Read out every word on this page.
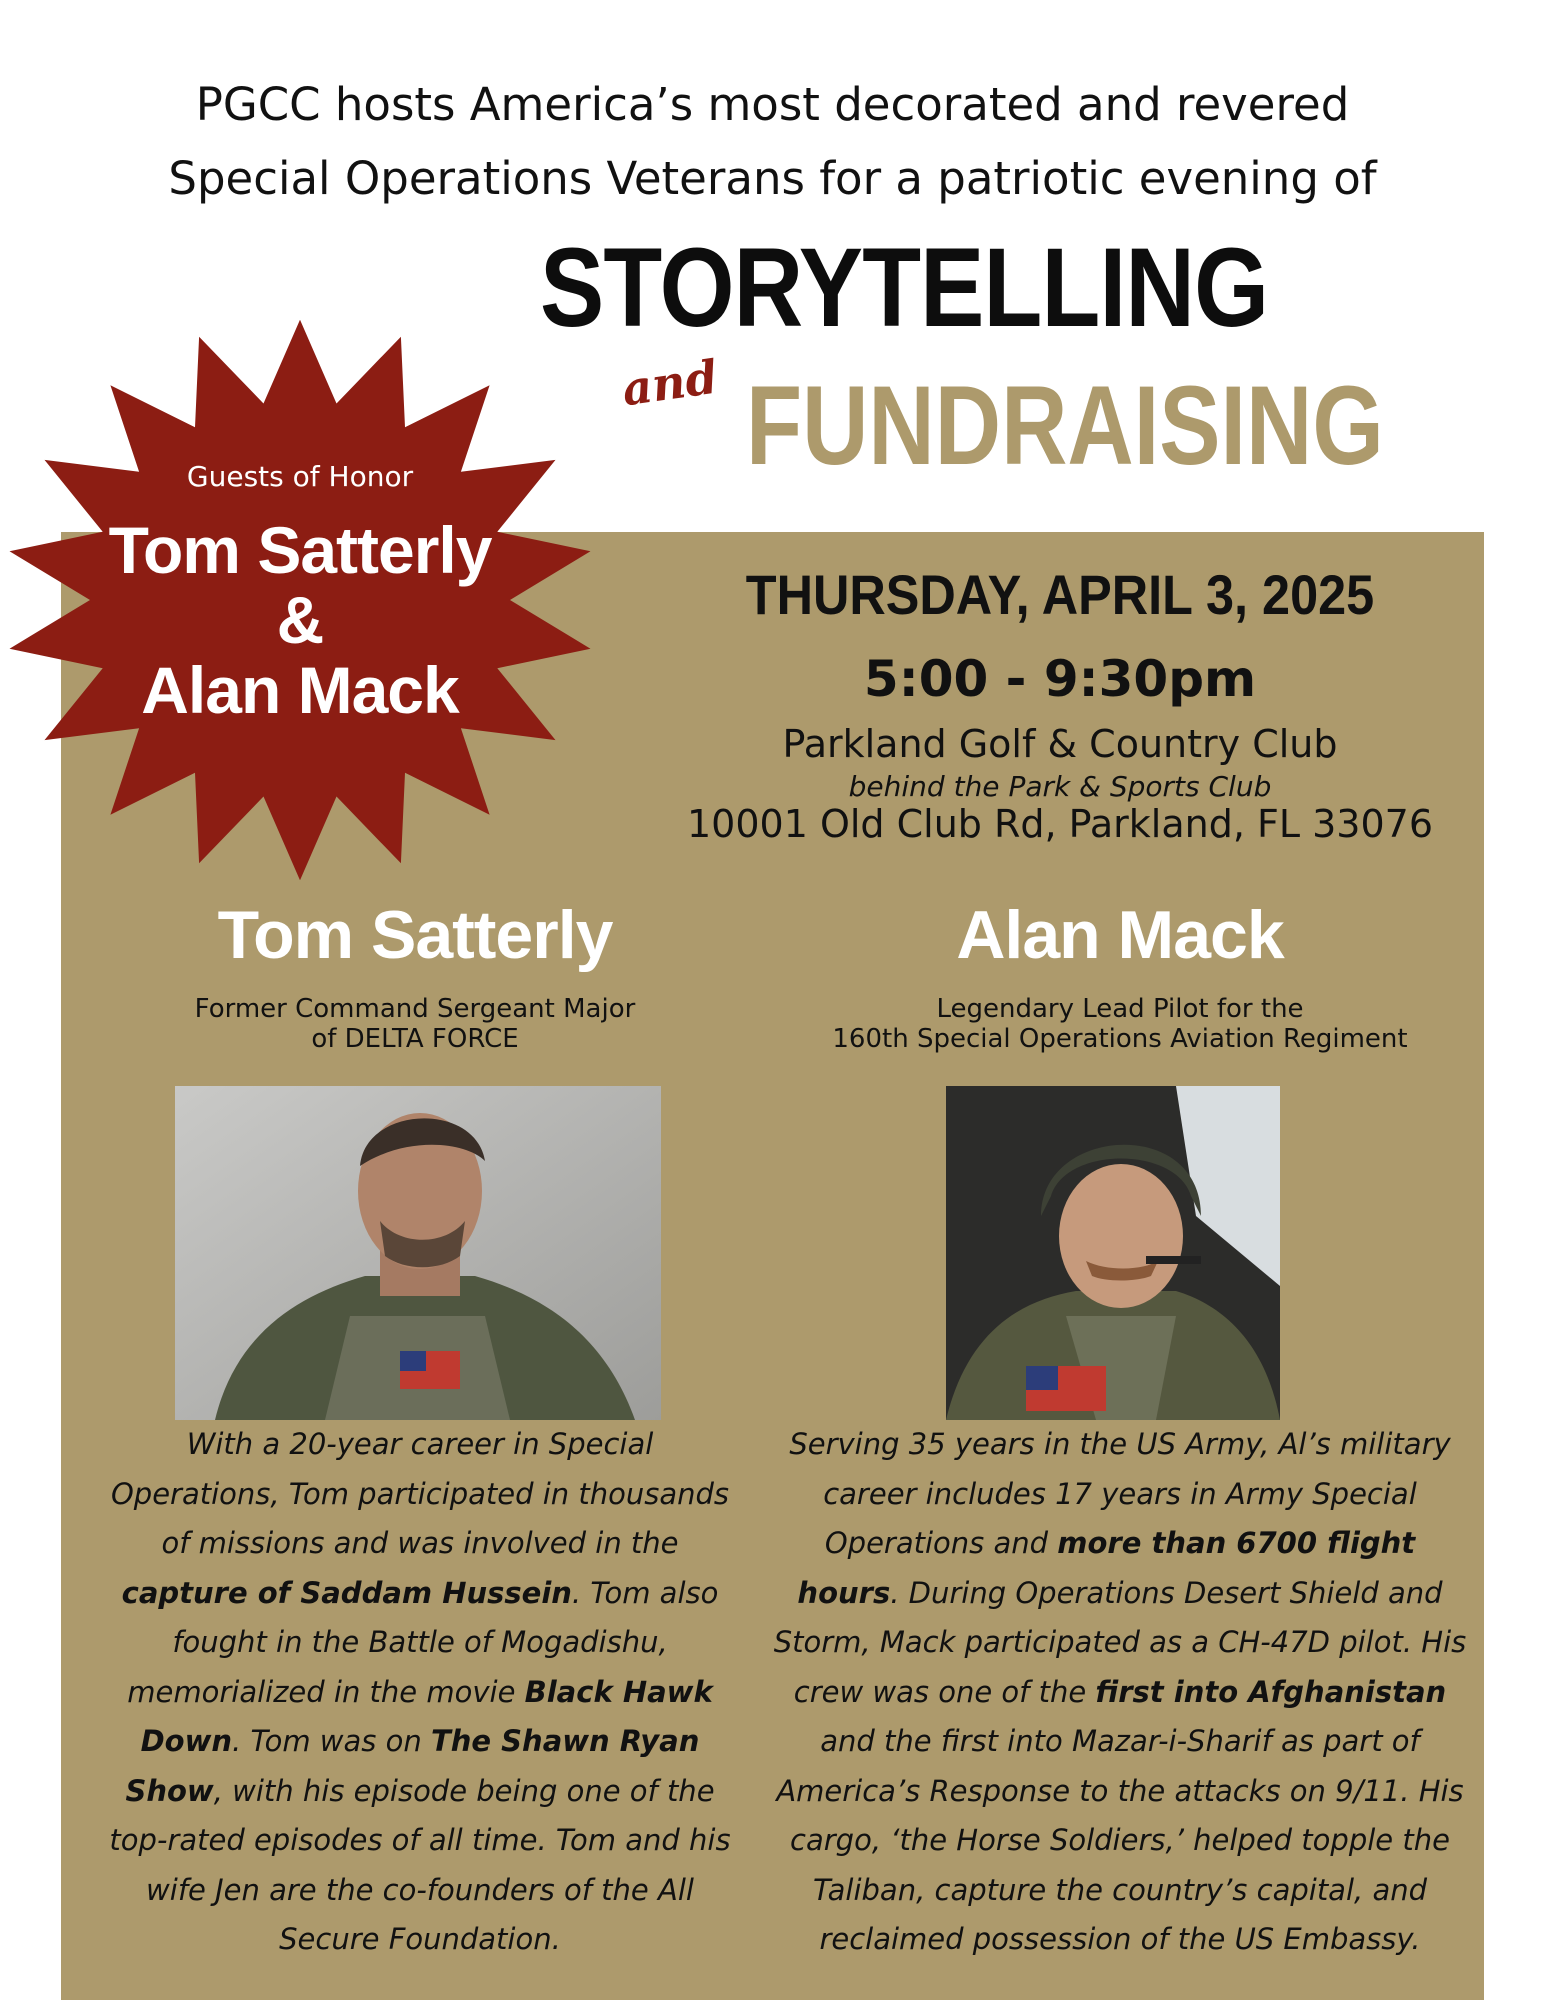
PGCC hosts America’s most decorated and revered
Special Operations Veterans for a patriotic evening of
STORYTELLING
and FUNDRAISING
Guests of Honor
Tom Satterly
&
Alan Mack
THURSDAY, APRIL 3, 2025
5:00 - 9:30pm
Parkland Golf & Country Club
behind the Park & Sports Club
10001 Old Club Rd, Parkland, FL 33076
Tom Satterly
Former Command Sergeant Major
of DELTA FORCE
With a 20-year career in Special Operations, Tom participated in thousands of missions and was involved in the capture of Saddam Hussein. Tom also fought in the Battle of Mogadishu, memorialized in the movie Black Hawk Down. Tom was on The Shawn Ryan Show, with his episode being one of the top-rated episodes of all time. Tom and his wife Jen are the co-founders of the All Secure Foundation.
Alan Mack
Legendary Lead Pilot for the
160th Special Operations Aviation Regiment
Serving 35 years in the US Army, Al’s military career includes 17 years in Army Special Operations and more than 6700 flight hours. During Operations Desert Shield and Storm, Mack participated as a CH-47D pilot. His crew was one of the first into Afghanistan and the first into Mazar-i-Sharif as part of America’s Response to the attacks on 9/11. His cargo, ‘the Horse Soldiers,’ helped topple the Taliban, capture the country’s capital, and reclaimed possession of the US Embassy.
